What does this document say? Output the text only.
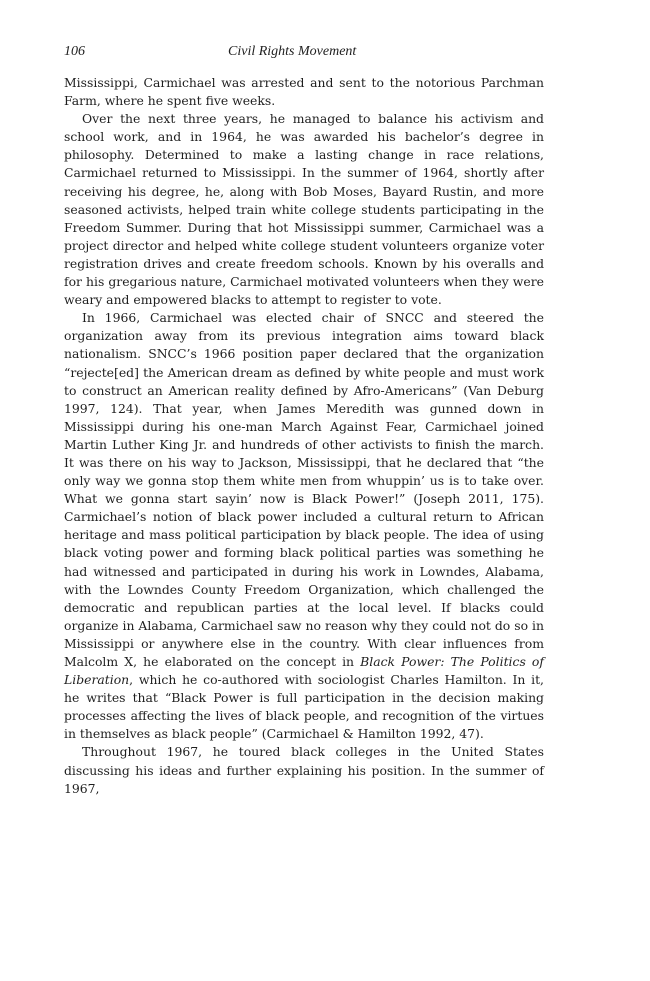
106	Civil Rights Movement

Mississippi, Carmichael was arrested and sent to the notorious Parchman Farm, where he spent five weeks.

Over the next three years, he managed to balance his activism and school work, and in 1964, he was awarded his bachelor’s degree in philosophy. Determined to make a lasting change in race relations, Carmichael returned to Mississippi. In the summer of 1964, shortly after receiving his degree, he, along with Bob Moses, Bayard Rustin, and more seasoned activists, helped train white college students participating in the Freedom Summer. During that hot Mississippi summer, Carmichael was a project director and helped white college student volunteers organize voter registration drives and create freedom schools. Known by his overalls and for his gregarious nature, Carmichael motivated volunteers when they were weary and empowered blacks to attempt to register to vote.

In 1966, Carmichael was elected chair of SNCC and steered the organization away from its previous integration aims toward black nationalism. SNCC’s 1966 position paper declared that the organization “rejecte[ed] the American dream as defined by white people and must work to construct an American reality defined by Afro-Americans” (Van Deburg 1997, 124). That year, when James Meredith was gunned down in Mississippi during his one-man March Against Fear, Carmichael joined Martin Luther King Jr. and hundreds of other activists to finish the march. It was there on his way to Jackson, Mississippi, that he declared that “the only way we gonna stop them white men from whuppin’ us is to take over. What we gonna start sayin’ now is Black Power!” (Joseph 2011, 175). Carmichael’s notion of black power included a cultural return to African heritage and mass political participation by black people. The idea of using black voting power and forming black political parties was something he had witnessed and participated in during his work in Lowndes, Alabama, with the Lowndes County Freedom Organization, which challenged the democratic and republican parties at the local level. If blacks could organize in Alabama, Carmichael saw no reason why they could not do so in Mississippi or anywhere else in the country. With clear influences from Malcolm X, he elaborated on the concept in Black Power: The Politics of Liberation, which he co-authored with sociologist Charles Hamilton. In it, he writes that “Black Power is full participation in the decision making processes affecting the lives of black people, and recognition of the virtues in themselves as black people” (Carmichael & Hamilton 1992, 47).

Throughout 1967, he toured black colleges in the United States discussing his ideas and further explaining his position. In the summer of 1967,
